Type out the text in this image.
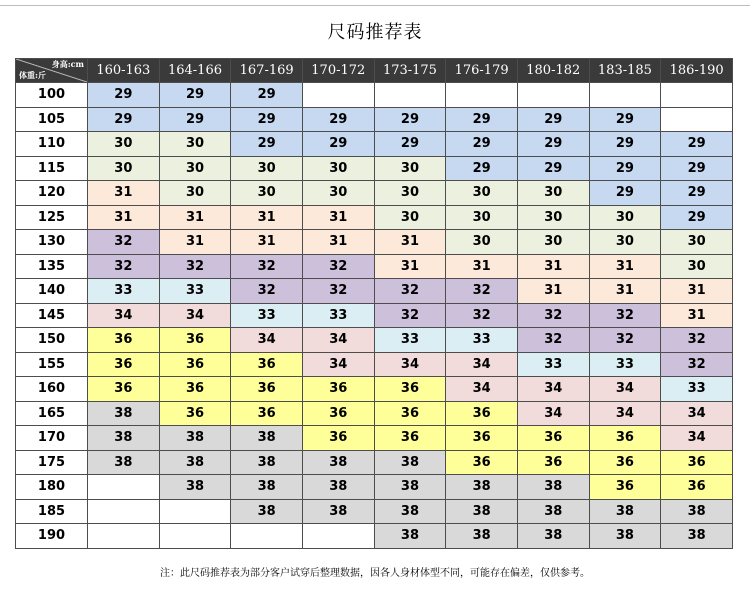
尺码推荐表
身高:cm
体重:斤	160-163	164-166	167-169	170-172	173-175	176-179	180-182	183-185	186-190
100	29	29	29						
105	29	29	29	29	29	29	29	29	
110	30	30	29	29	29	29	29	29	29
115	30	30	30	30	30	29	29	29	29
120	31	30	30	30	30	30	30	29	29
125	31	31	31	31	30	30	30	30	29
130	32	31	31	31	31	30	30	30	30
135	32	32	32	32	31	31	31	31	30
140	33	33	32	32	32	32	31	31	31
145	34	34	33	33	32	32	32	32	31
150	36	36	34	34	33	33	32	32	32
155	36	36	36	34	34	34	33	33	32
160	36	36	36	36	36	34	34	34	33
165	38	36	36	36	36	36	34	34	34
170	38	38	38	36	36	36	36	36	34
175	38	38	38	38	38	36	36	36	36
180		38	38	38	38	38	38	36	36
185			38	38	38	38	38	38	38
190					38	38	38	38	38
注：此尺码推荐表为部分客户试穿后整理数据，因各人身材体型不同，可能存在偏差，仅供参考。
